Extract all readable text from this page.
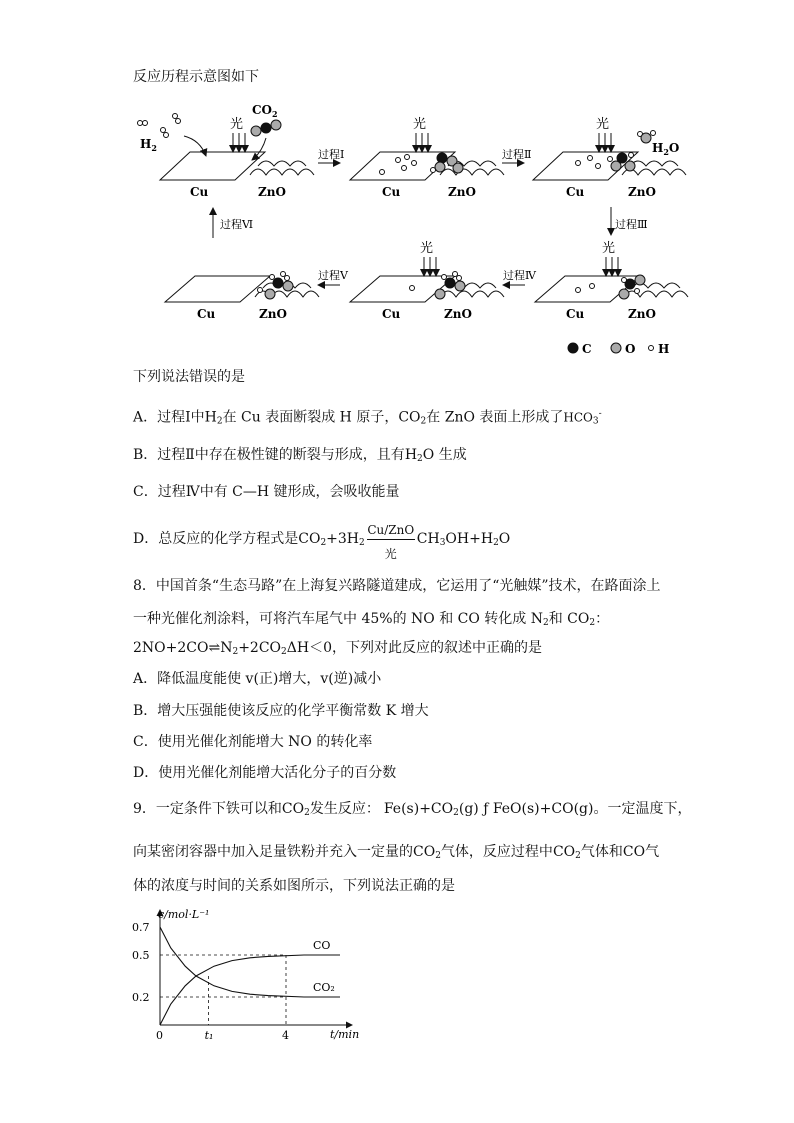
反应历程示意图如下
Cu	ZnO
$H_2$
光
$CO_2$
过程Ⅰ
Cu	ZnO
光
过程Ⅱ
Cu	ZnO
光
$H_2O$
过程Ⅲ
Cu	ZnO
光
过程Ⅳ
Cu	ZnO
光
过程Ⅴ
Cu	ZnO
过程Ⅵ
C	O H
下列说法错误的是
A．过程Ⅰ中$H_2$在 Cu 表面断裂成 H 原子，$CO_2$在 ZnO 表面上形成了$HCO_3^-$
B．过程Ⅱ中存在极性键的断裂与形成，且有$H_2O$ 生成
C．过程Ⅳ中有 C—H 键形成，会吸收能量
D．总反应的化学方程式是$CO_2+3H_2$
Cu/ZnO
光
$CH_3OH+H_2O$
8．中国首条“生态马路”在上海复兴路隧道建成，它运用了“光触媒”技术，在路面涂上
一种光催化剂涂料，可将汽车尾气中 45%的 NO 和 CO 转化成 $N_2$和 $CO_2$：
$2NO+2CO\rightleftharpoons N_2+2CO_2\Delta H<0$，下列对此反应的叙述中正确的是
A．降低温度能使 v(正)增大，v(逆)减小
B．增大压强能使该反应的化学平衡常数 K 增大
C．使用光催化剂能增大 NO 的转化率
D．使用光催化剂能增大活化分子的百分数
9．一定条件下铁可以和$CO_2$发生反应： $Fe(s)+CO_2(g)$ ƒ FeO(s)+CO(g)。一定温度下，
向某密闭容器中加入足量铁粉并充入一定量的$CO_2$气体，反应过程中$CO_2$气体和CO气
体的浓度与时间的关系如图所示，下列说法正确的是
c/mol·L⁻¹
t/min
0.7
0.5
0.2
0	t₁	4
CO
CO₂
